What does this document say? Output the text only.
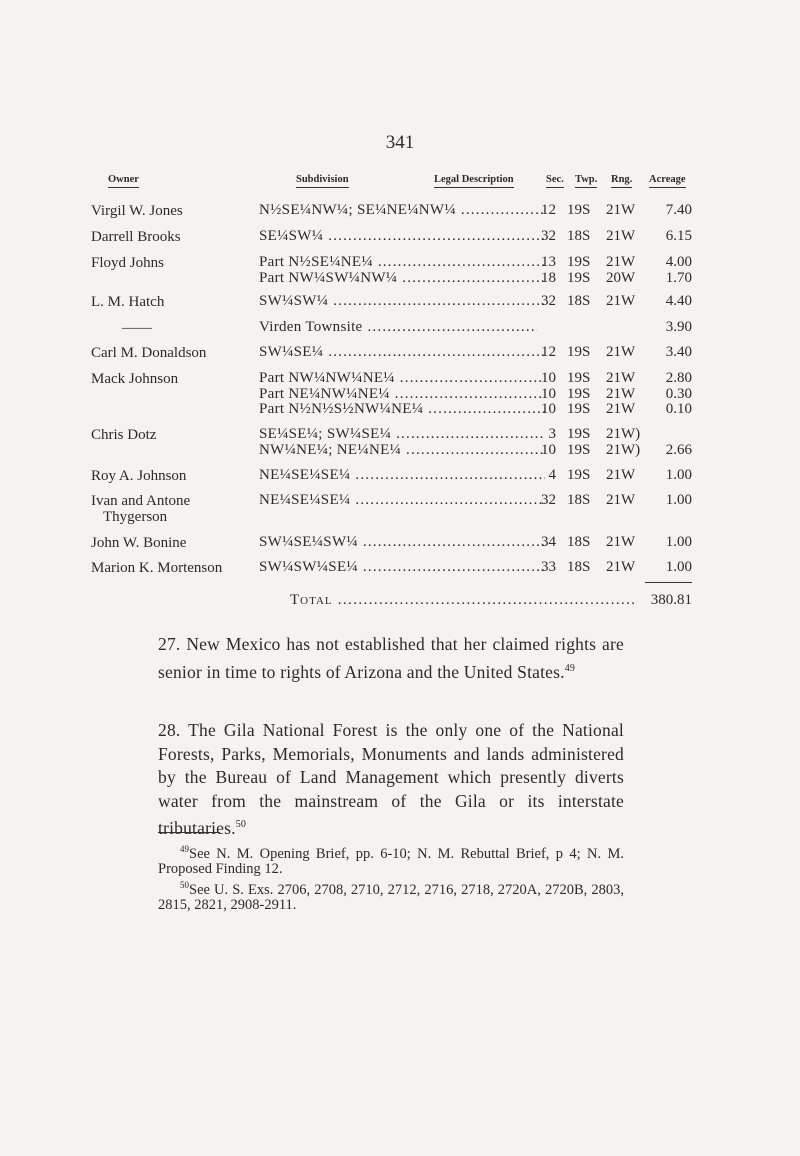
341
Owner	Subdivision	Legal Description	Sec. Twp. Rng. Acreage
Virgil W. Jones	N½SE¼NW¼; SE¼NE¼NW¼ .....	12 19S 21W 7.40
Darrell Brooks	SE¼SW¼ .....	32 18S 21W 6.15
Floyd Johns	Part N½SE¼NE¼ .....	13 19S 21W 4.00
Part NW¼SW¼NW¼ .....	18 19S 20W 1.70
L. M. Hatch	SW¼SW¼ .....	32 18S 21W 4.40
——	Virden Townsite .....	3.90
Carl M. Donaldson	SW¼SE¼ .....	12 19S 21W 3.40
Mack Johnson	Part NW¼NW¼NE¼ .....	10 19S 21W 2.80
Part NE¼NW¼NE¼ .....	10 19S 21W 0.30
Part N½N½S½NW¼NE¼ .....	10 19S 21W 0.10
Chris Dotz	SE¼SE¼; SW¼SE¼ .....	3 19S 21W)
NW¼NE¼; NE¼NE¼ .....	10 19S 21W) 2.66
Roy A. Johnson	NE¼SE¼SE¼ .....	4 19S 21W 1.00
Ivan and Antone
Thygerson
NE¼SE¼SE¼ .....	32 18S 21W 1.00
John W. Bonine	SW¼SE¼SW¼ .....	34 18S 21W 1.00
Marion K. Mortenson SW¼SW¼SE¼ .....	33 18S 21W 1.00
Total .....	380.81
27. New Mexico has not established that her claimed rights are senior in time to rights of Arizona and the United States.$^{49}$
28. The Gila National Forest is the only one of the National Forests, Parks, Memorials, Monuments and lands administered by the Bureau of Land Management which presently diverts water from the mainstream of the Gila or its interstate tributaries.$^{50}$

$^{49}$See N. M. Opening Brief, pp. 6-10; N. M. Rebuttal Brief, p 4; N. M. Proposed Finding 12.

$^{50}$See U. S. Exs. 2706, 2708, 2710, 2712, 2716, 2718, 2720A, 2720B, 2803, 2815, 2821, 2908-2911.
